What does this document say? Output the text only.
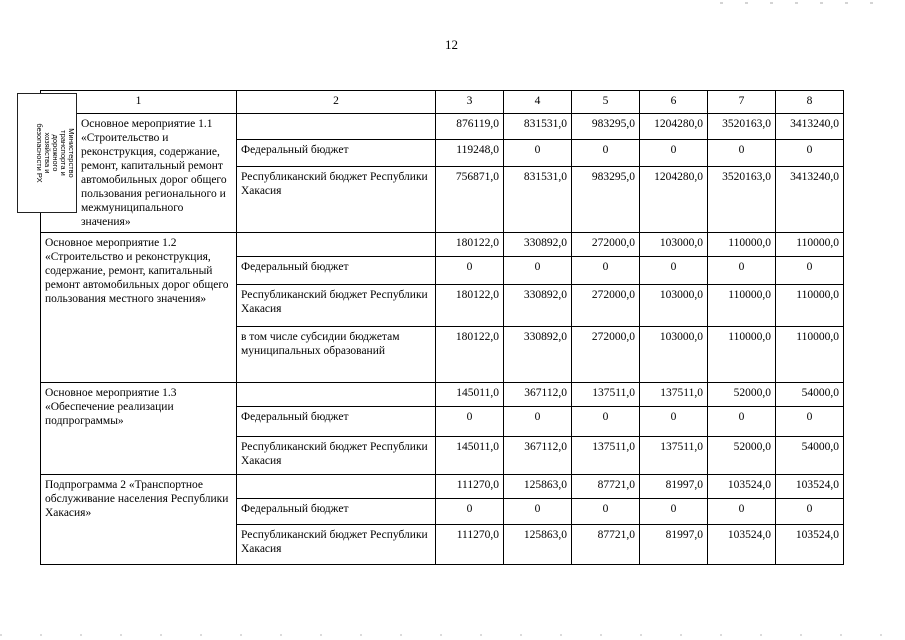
12
Министерство
транспорта и
дорожного
хозяйства и
безопасности РХ
1	2	3	4	5	6	7	8
Основное мероприятие 1.1 «Строительство и реконструкция, содержание, ремонт, капитальный ремонт автомобильных дорог общего пользования регионального и межмуниципального значения»		876119,0	831531,0	983295,0	1204280,0	3520163,0	3413240,0
	Федеральный бюджет	119248,0	0	0	0	0	0
	Республиканский бюджет Республики Хакасия	756871,0	831531,0	983295,0	1204280,0	3520163,0	3413240,0
Основное мероприятие 1.2 «Строительство и реконструкция, содержание, ремонт, капитальный ремонт автомобильных дорог общего пользования местного значения»		180122,0	330892,0	272000,0	103000,0	110000,0	110000,0
	Федеральный бюджет	0	0	0	0	0	0
	Республиканский бюджет Республики Хакасия	180122,0	330892,0	272000,0	103000,0	110000,0	110000,0
	в том числе субсидии бюджетам муниципальных образований	180122,0	330892,0	272000,0	103000,0	110000,0	110000,0
Основное мероприятие 1.3 «Обеспечение реализации подпрограммы»		145011,0	367112,0	137511,0	137511,0	52000,0	54000,0
	Федеральный бюджет	0	0	0	0	0	0
	Республиканский бюджет Республики Хакасия	145011,0	367112,0	137511,0	137511,0	52000,0	54000,0
Подпрограмма 2 «Транспортное обслуживание населения Республики Хакасия»		111270,0	125863,0	87721,0	81997,0	103524,0	103524,0
	Федеральный бюджет	0	0	0	0	0	0
	Республиканский бюджет Республики Хакасия	111270,0	125863,0	87721,0	81997,0	103524,0	103524,0
